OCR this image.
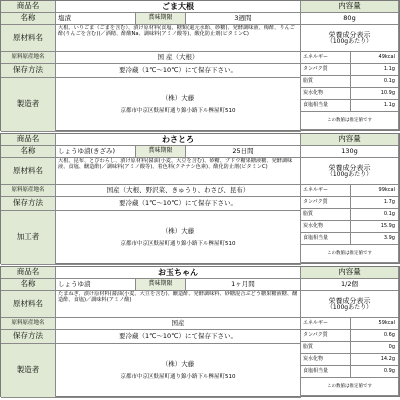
商品名	ごま大根	内容量
名称	塩漬	賞味期限	3週間	80g
原材料名
大根、いりごま（ごまを含む）、漬け原材料(食塩、糖類(還元水飴、砂糖)、発酵調味液、梅酢、りんご酢(りんごを含む))／酒精、酢酸Na、調味料(アミノ酸等)、酸化防止剤(ビタミンC)	栄養成分表示
（100gあたり）
原料原産地名	国 産（大根）
保存方法	要冷蔵（1℃～10℃）にて保存下さい。
製造者
（株）大藤
京都市中京区麩屋町通り錦小路下ル桝屋町510
エネルギー	49kcal
タンパク質	1.1g
脂質	0.1g
炭水化物	10.9g
食塩相当量	1.1g
この数値は推定値です
商品名	わさとろ	内容量
名称	しょうゆ漬(きざみ)	賞味期限	25日間	130g
原材料名
大根、昆布、とびわらし、漬け原材料(醤油(小麦、大豆を含む)、砂糖、ブドウ糖果糖液糖、発酵調味液、食塩、醸造酢)／調味料(アミノ酸等)、着色料(クチナシ色素)、酸化防止剤(ビタミンC)	栄養成分表示
（100gあたり）
原料原産地名	国産（大根、野沢菜、きゅうり、わさび、昆布）
保存方法	要冷蔵（1℃～10℃）にて保存下さい。
加工者
（株）大藤
京都市中京区麩屋町通り錦小路下ル桝屋町510
エネルギー	99kcal
タンパク質	1.7g
脂質	0.1g
炭水化物	15.9g
食塩相当量	3.9g
この数値は推定値です
商品名	お玉ちゃん	内容量
名称	しょうゆ漬	賞味期限	1ヶ月間	1/2個
原材料名
たまねぎ、漬け原材料(醤油(小麦、大豆を含む)、醸造酢、発酵調味料、砂糖混合ぶどう糖果糖液糖、醸造酢、食塩)／調味料(アミノ酸)	栄養成分表示
（100gあたり）
原料原産地名	国産
保存方法	要冷蔵（1℃～10℃）にて保存下さい。
製造者
（株）大藤
京都市中京区麩屋町通り錦小路下ル桝屋町510
エネルギー	59kcal
タンパク質	0.6g
脂質	0g
炭水化物	14.2g
食塩相当量	0.9g
この数値は推定値です
